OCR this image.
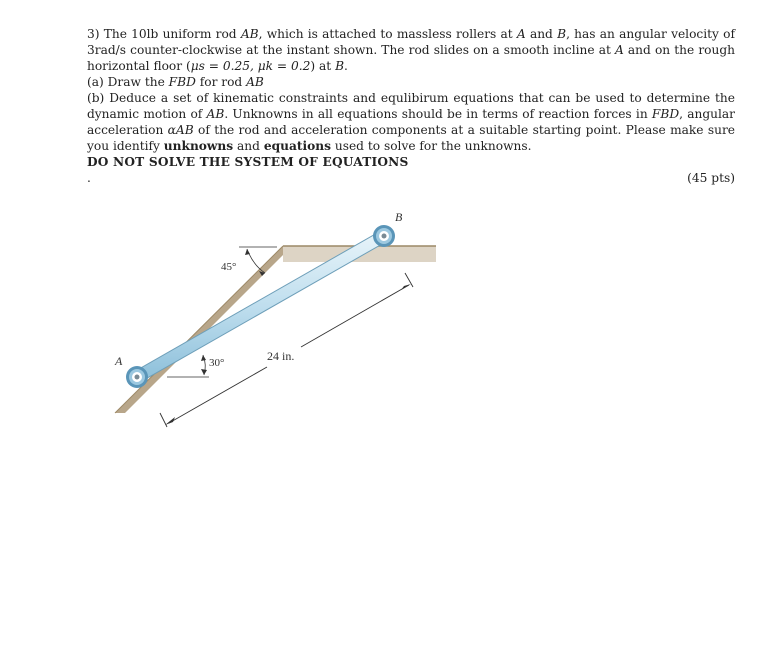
3) The 10lb uniform rod AB, which is attached to massless rollers at A and B, has an angular velocity of 3rad/s counter-clockwise at the instant shown. The rod slides on a smooth incline at A and on the rough horizontal floor (μs = 0.25, μk = 0.2) at B.

(a) Draw the FBD for rod AB

(b) Deduce a set of kinematic constraints and equlibirum equations that can be used to determine the dynamic motion of AB. Unknowns in all equations should be in terms of reaction forces in FBD, angular acceleration αAB of the rod and acceleration components at a suitable starting point. Please make sure you identify unknowns and equations used to solve for the unknowns.

DO NOT SOLVE THE SYSTEM OF EQUATIONS

.	(45 pts)
45°
30°
A
B
24 in.
